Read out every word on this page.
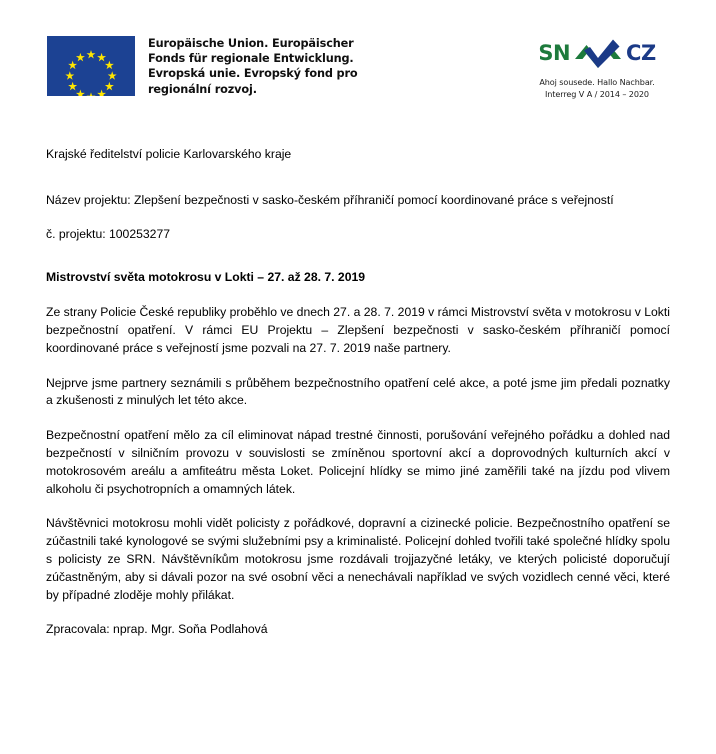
Europäische Union. Europäischer
Fonds für regionale Entwicklung.
Evropská unie. Evropský fond pro
regionální rozvoj.
SN	CZ
Ahoj sousede. Hallo Nachbar.
Interreg V A / 2014 – 2020

Krajské ředitelství policie Karlovarského kraje

Název projektu: Zlepšení bezpečnosti v sasko-českém příhraničí pomocí koordinované práce s veřejností

č. projektu: 100253277

Mistrovství světa motokrosu v Lokti – 27. až 28. 7. 2019

Ze strany Policie České republiky proběhlo ve dnech 27. a 28. 7. 2019 v rámci Mistrovství světa v motokrosu v Lokti bezpečnostní opatření. V rámci EU Projektu – Zlepšení bezpečnosti v sasko-českém příhraničí pomocí koordinované práce s veřejností jsme pozvali na 27. 7. 2019 naše partnery.

Nejprve jsme partnery seznámili s průběhem bezpečnostního opatření celé akce, a poté jsme jim předali poznatky a zkušenosti z minulých let této akce.

Bezpečnostní opatření mělo za cíl eliminovat nápad trestné činnosti, porušování veřejného pořádku a dohled nad bezpečností v silničním provozu v souvislosti se zmíněnou sportovní akcí a doprovodných kulturních akcí v motokrosovém areálu a amfiteátru města Loket. Policejní hlídky se mimo jiné zaměřili také na jízdu pod vlivem alkoholu či psychotropních a omamných látek.

Návštěvnici motokrosu mohli vidět policisty z pořádkové, dopravní a cizinecké policie. Bezpečnostního opatření se zúčastnili také kynologové se svými služebními psy a kriminalisté. Policejní dohled tvořili také společné hlídky spolu s policisty ze SRN. Návštěvníkům motokrosu jsme rozdávali trojjazyčné letáky, ve kterých policisté doporučují zúčastněným, aby si dávali pozor na své osobní věci a nenechávali například ve svých vozidlech cenné věci, které by případné zloděje mohly přilákat.

Zpracovala: nprap. Mgr. Soňa Podlahová
